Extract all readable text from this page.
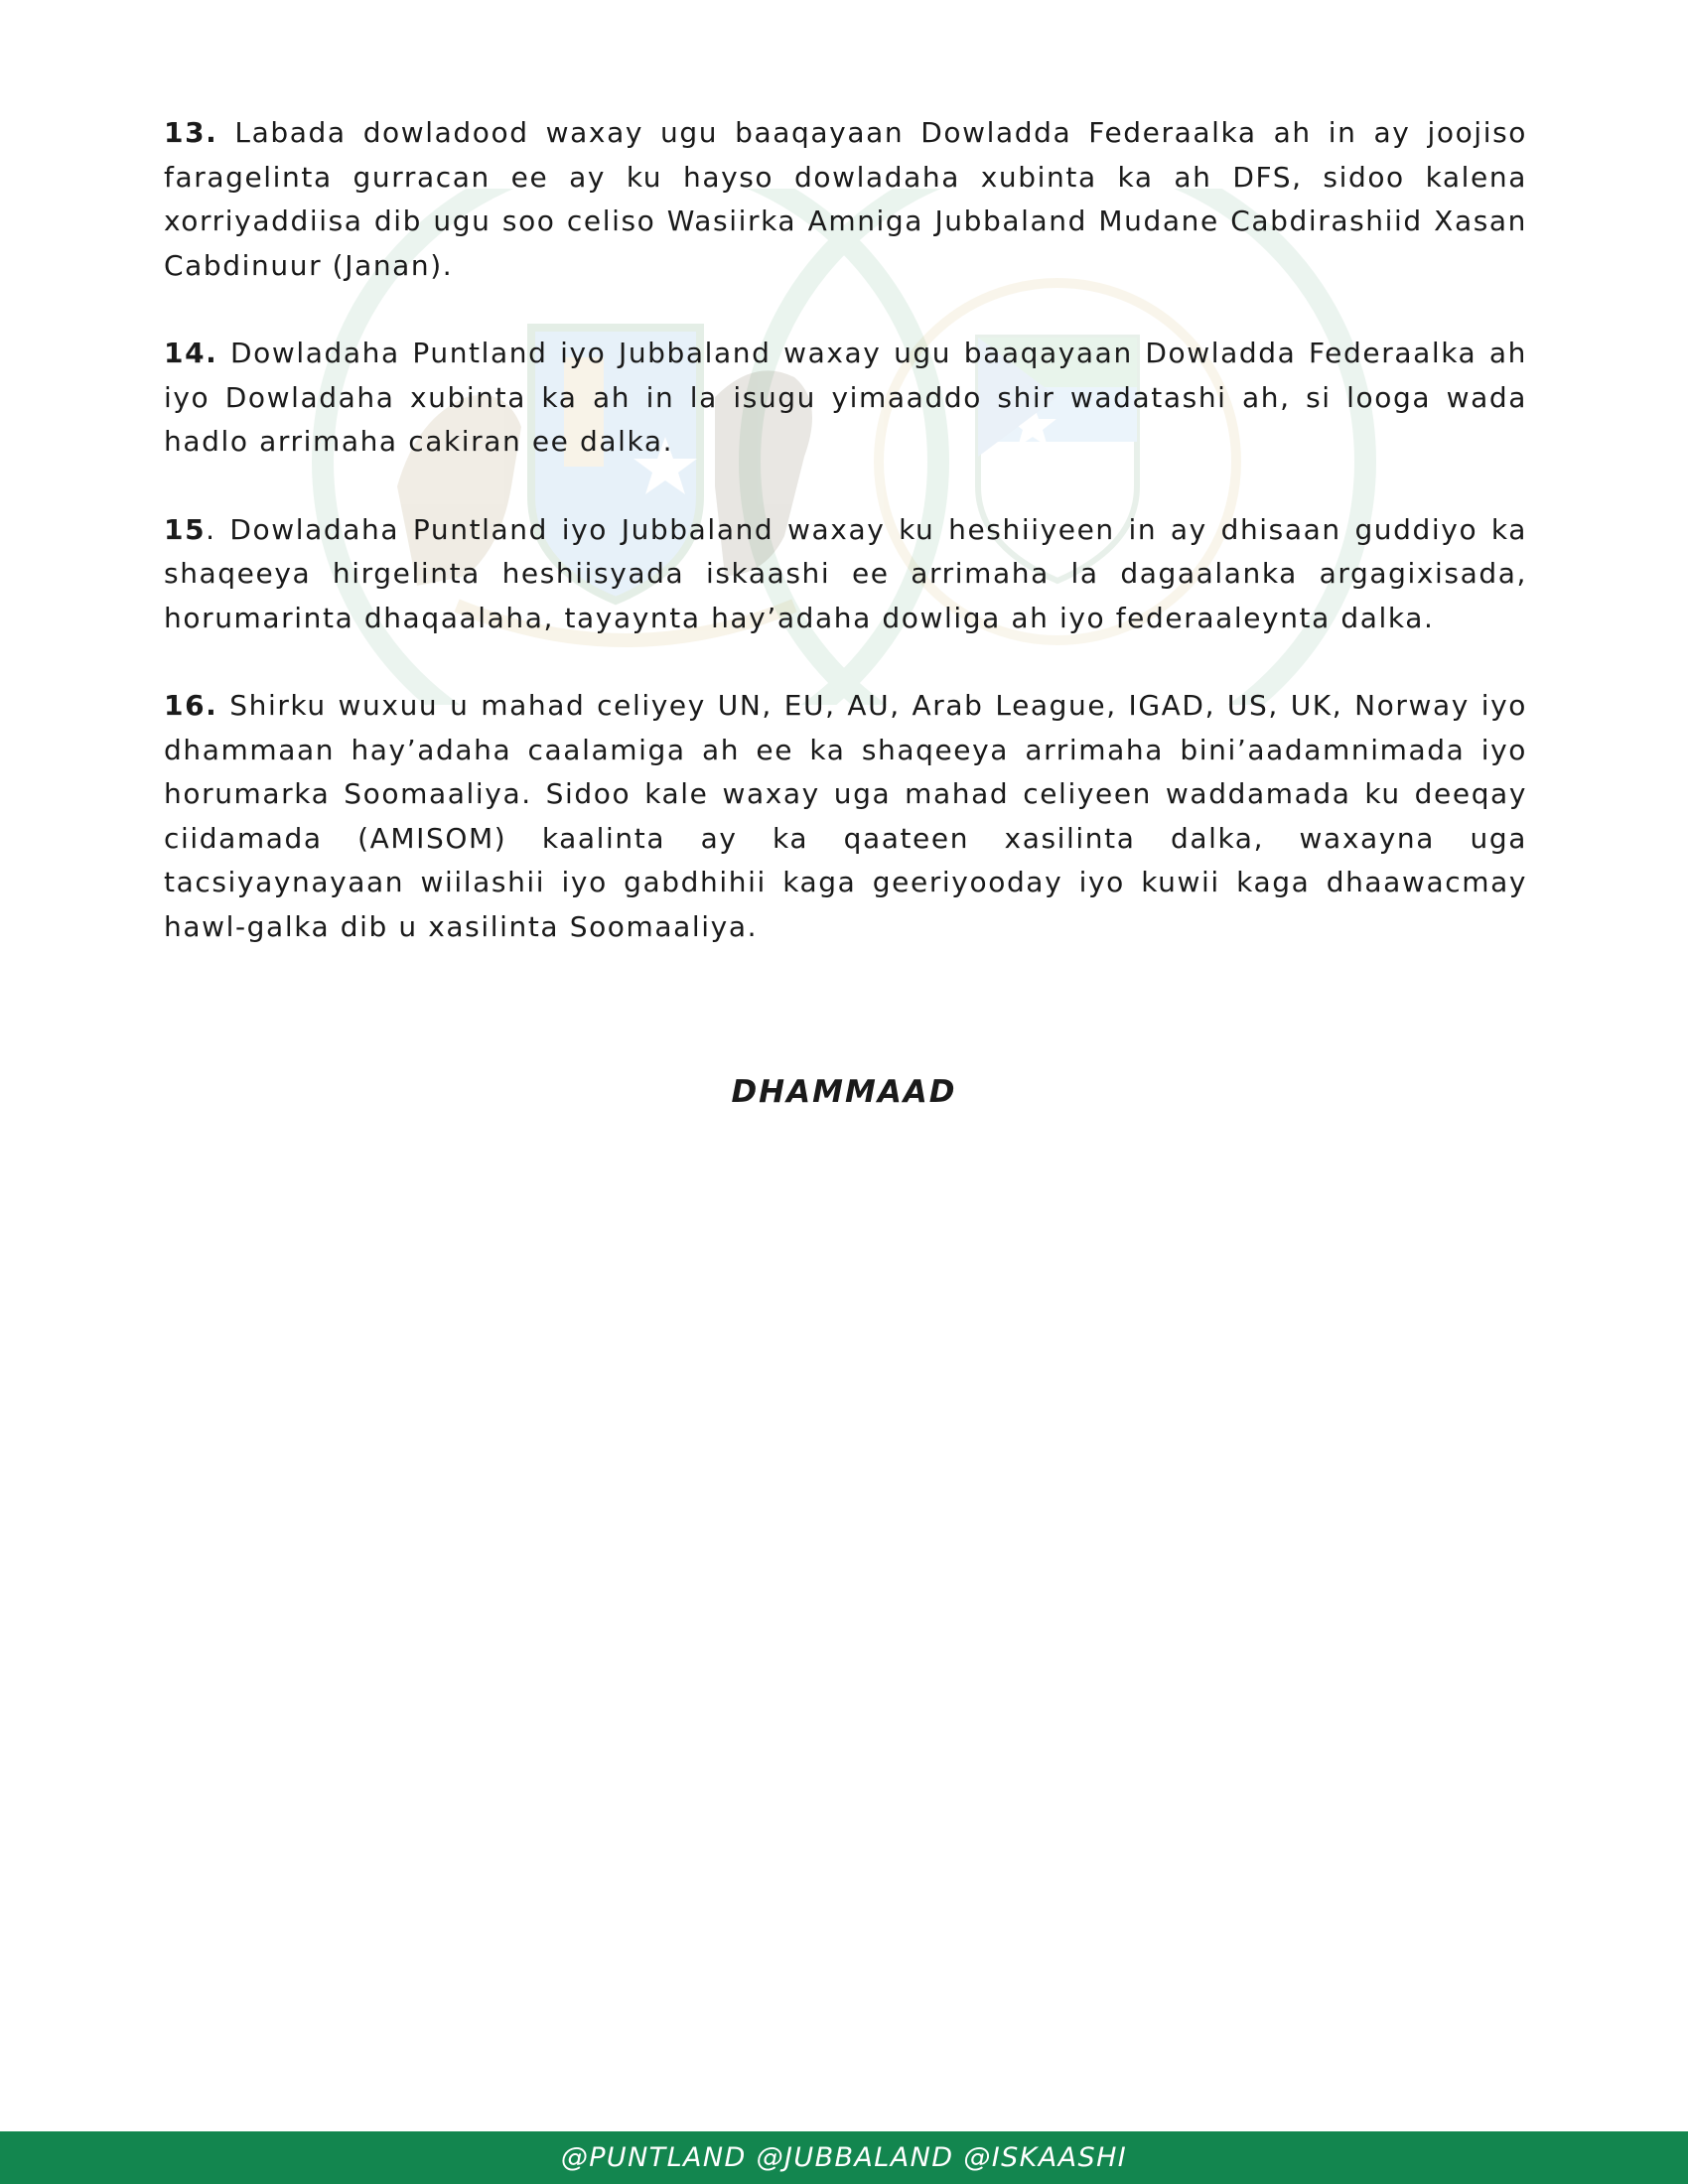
13. Labada dowladood waxay ugu baaqayaan Dowladda Federaalka ah in ay joojiso faragelinta gurracan ee ay ku hayso dowladaha xubinta ka ah DFS, sidoo kalena xorriyaddiisa dib ugu soo celiso Wasiirka Amniga Jubbaland Mudane Cabdirashiid Xasan Cabdinuur (Janan).

14. Dowladaha Puntland iyo Jubbaland waxay ugu baaqayaan Dowladda Federaalka ah iyo Dowladaha xubinta ka ah in la isugu yimaaddo shir wadatashi ah, si looga wada hadlo arrimaha cakiran ee dalka.

15. Dowladaha Puntland iyo Jubbaland waxay ku heshiiyeen in ay dhisaan guddiyo ka shaqeeya hirgelinta heshiisyada iskaashi ee arrimaha la dagaalanka argagixisada, horumarinta dhaqaalaha, tayaynta hay’adaha dowliga ah iyo federaaleynta dalka.

16. Shirku wuxuu u mahad celiyey UN, EU, AU, Arab League, IGAD, US, UK, Norway iyo dhammaan hay’adaha caalamiga ah ee ka shaqeeya arrimaha bini’aadamnimada iyo horumarka Soomaaliya. Sidoo kale waxay uga mahad celiyeen waddamada ku deeqay ciidamada (AMISOM) kaalinta ay ka qaateen xasilinta dalka, waxayna uga tacsiyaynayaan wiilashii iyo gabdhihii kaga geeriyooday iyo kuwii kaga dhaawacmay hawl-galka dib u xasilinta Soomaaliya.

DHAMMAAD
@PUNTLAND @JUBBALAND @ISKAASHI
